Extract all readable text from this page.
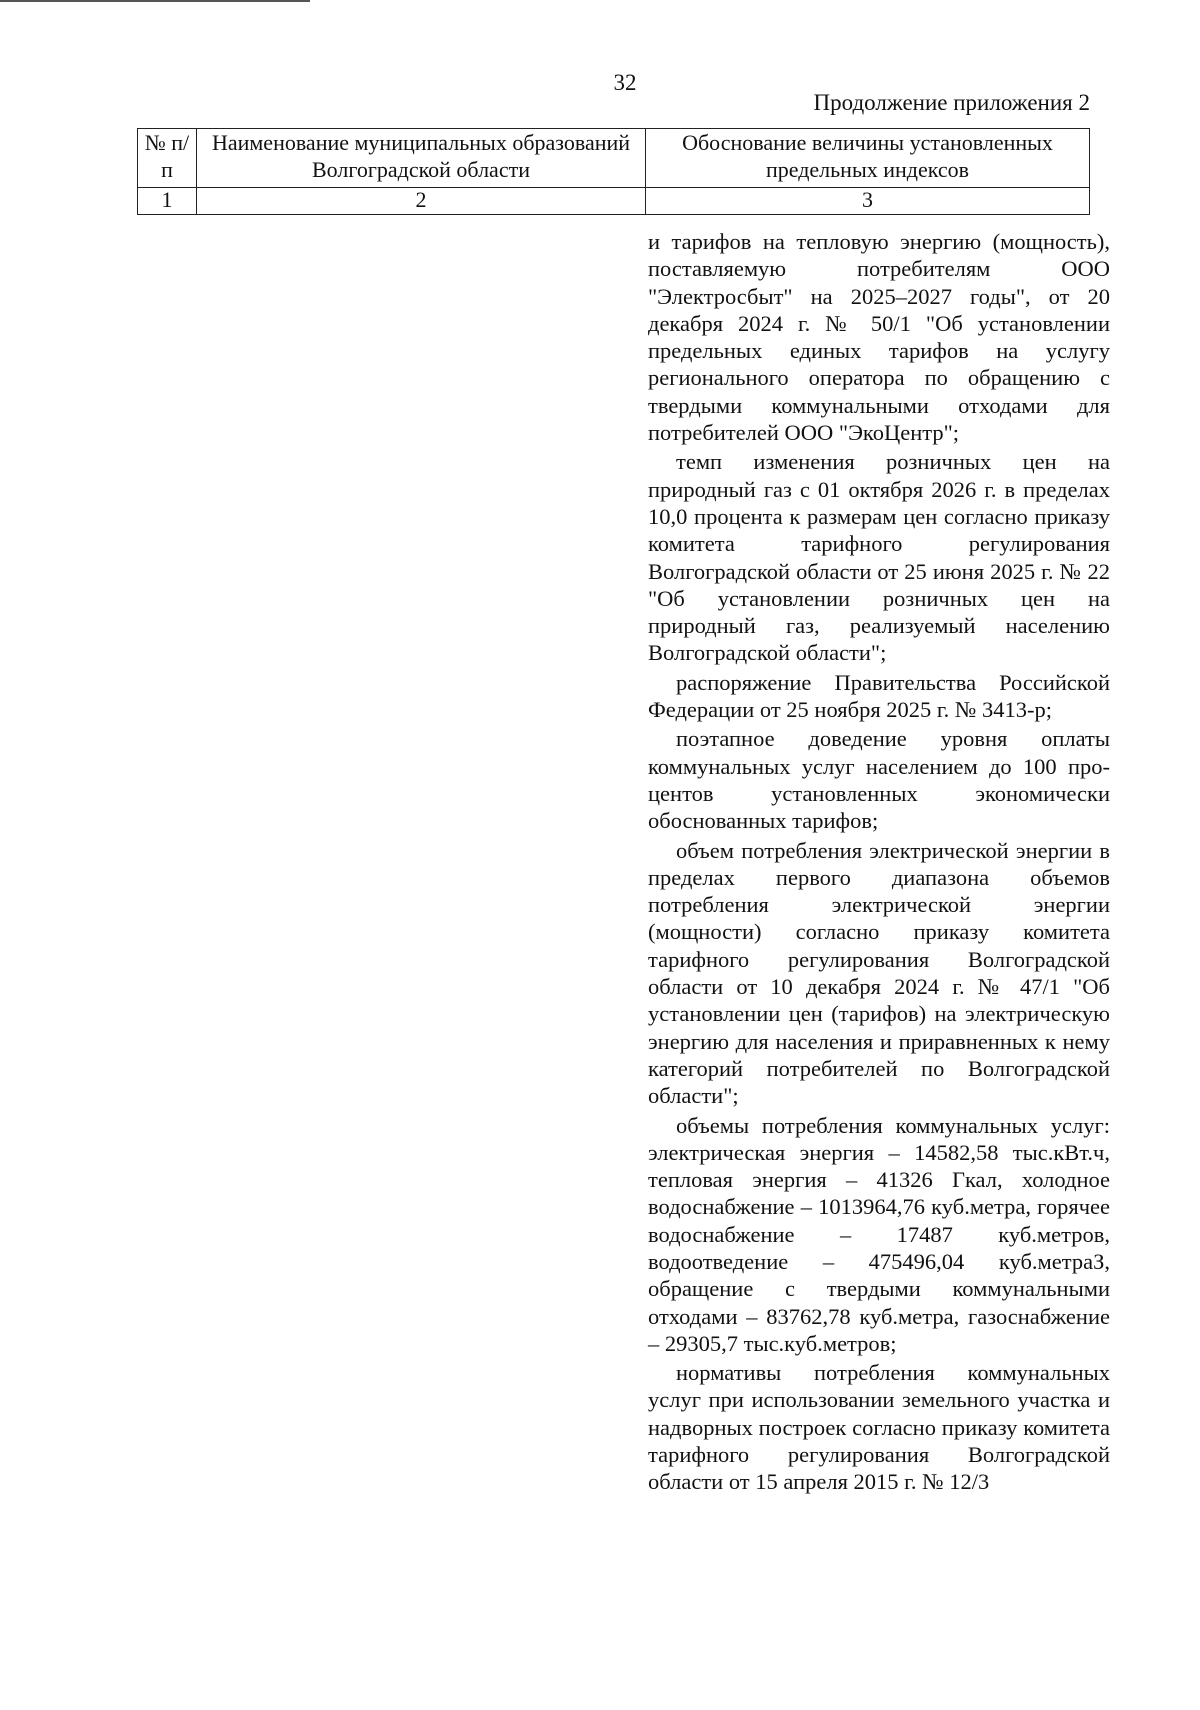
32
Продолжение приложения 2
№ п/п	Наименование муниципальных образований Волгоградской области	Обоснование величины установленных предельных индексов
1	2	3

и тарифов на тепловую энергию (мощность), поставляемую потребителям ООО "Электросбыт" на 2025–2027 годы", от 20 декабря 2024 г. № 50/1 "Об установлении предельных единых тарифов на услугу регионального оператора по обращению с твердыми коммунальными отходами для потребителей ООО "ЭкоЦентр";

темп изменения розничных цен на природный газ с 01 октября 2026 г. в пределах 10,0 процента к размерам цен согласно приказу комитета тарифного регулирования Волгоградской области от 25 июня 2025 г. № 22 "Об установлении розничных цен на природный газ, реализуемый населению Волгоградской области";

распоряжение Правительства Российской Федерации от 25 ноября 2025 г. № 3413-р;

поэтапное доведение уровня оплаты коммунальных услуг населением до 100 процентов установленных экономически обоснованных тарифов;

объем потребления электрической энергии в пределах первого диапазона объемов потребления электрической энергии (мощности) согласно приказу комитета тарифного регулирования Волгоградской области от 10 декабря 2024 г. № 47/1 "Об установлении цен (тарифов) на электрическую энергию для населения и приравненных к нему категорий потребителей по Волгоградской области";

объемы потребления коммунальных услуг: электрическая энергия – 14582,58 тыс.кВт.ч, тепловая энергия – 41326 Гкал, холодное водоснабжение – 1013964,76 куб.метра, горячее водоснабжение – 17487 куб.метров, водоотведение – 475496,04 куб.метраЗ, обращение с твердыми коммунальными отходами – 83762,78 куб.метра, газоснабжение – 29305,7 тыс.куб.метров;

нормативы потребления коммунальных услуг при использовании земельного участка и надворных построек согласно приказу комитета тарифного регулирования Волгоградской области от 15 апреля 2015 г. № 12/3
